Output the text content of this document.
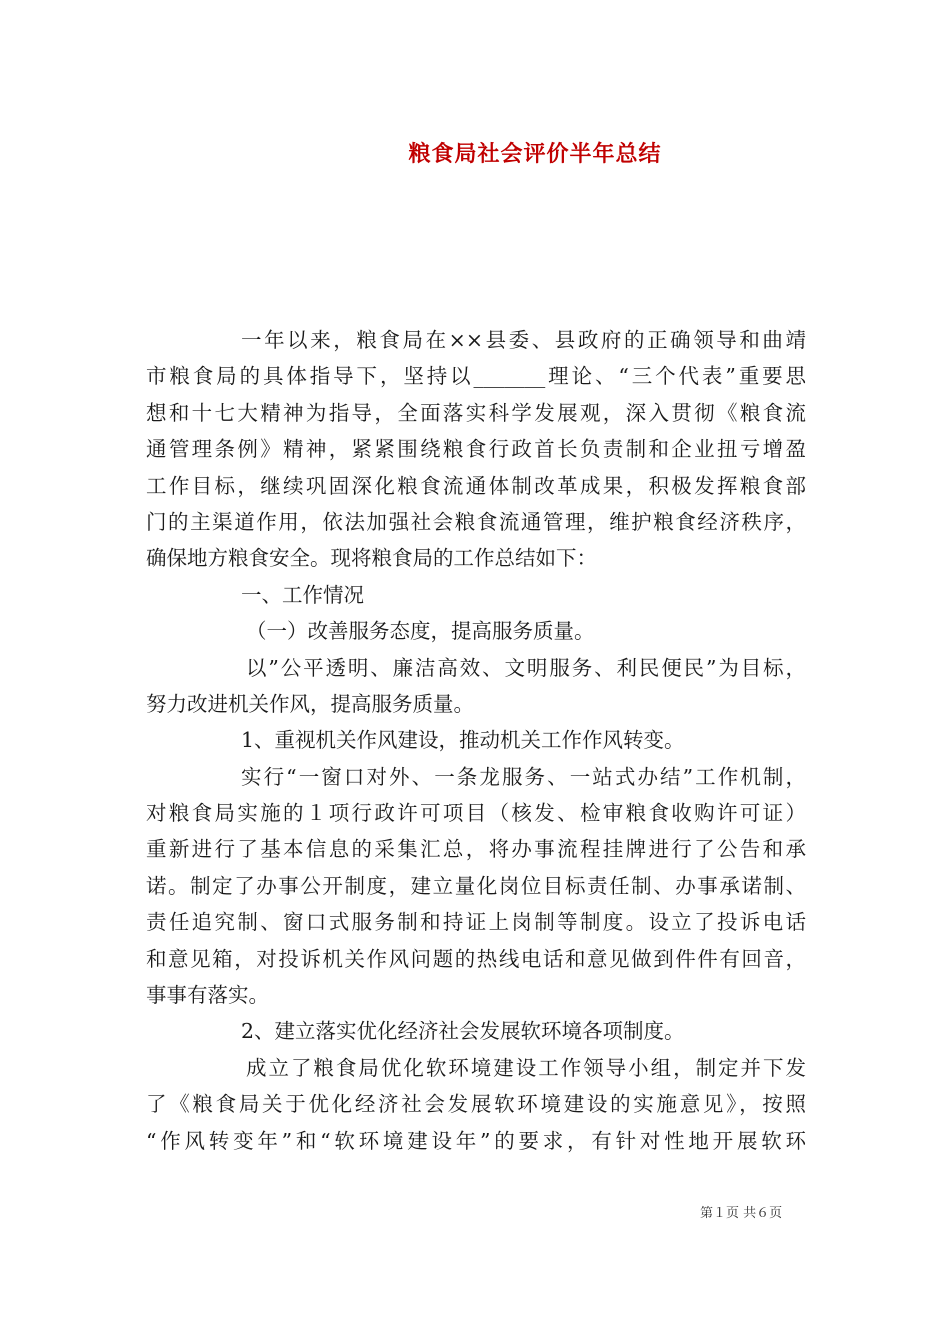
粮食局社会评价半年总结
一年以来，粮食局在××县委、县政府的正确领导和曲靖
市粮食局的具体指导下，坚持以_______理论、“三个代表”重要思
想和十七大精神为指导，全面落实科学发展观，深入贯彻《粮食流
通管理条例》精神，紧紧围绕粮食行政首长负责制和企业扭亏增盈
工作目标，继续巩固深化粮食流通体制改革成果，积极发挥粮食部
门的主渠道作用，依法加强社会粮食流通管理，维护粮食经济秩序，
确保地方粮食安全。现将粮食局的工作总结如下：
一、工作情况
（一）改善服务态度，提高服务质量。
以”公平透明、廉洁高效、文明服务、利民便民”为目标，
努力改进机关作风，提高服务质量。
1、重视机关作风建设，推动机关工作作风转变。
实行“一窗口对外、一条龙服务、一站式办结”工作机制，
对粮食局实施的１项行政许可项目（核发、检审粮食收购许可证）
重新进行了基本信息的采集汇总，将办事流程挂牌进行了公告和承
诺。制定了办事公开制度，建立量化岗位目标责任制、办事承诺制、
责任追究制、窗口式服务制和持证上岗制等制度。设立了投诉电话
和意见箱，对投诉机关作风问题的热线电话和意见做到件件有回音，
事事有落实。
2、建立落实优化经济社会发展软环境各项制度。
成立了粮食局优化软环境建设工作领导小组，制定并下发
了《粮食局关于优化经济社会发展软环境建设的实施意见》，按照
“作风转变年”和“软环境建设年”的要求，有针对性地开展软环
第１页 共６页
